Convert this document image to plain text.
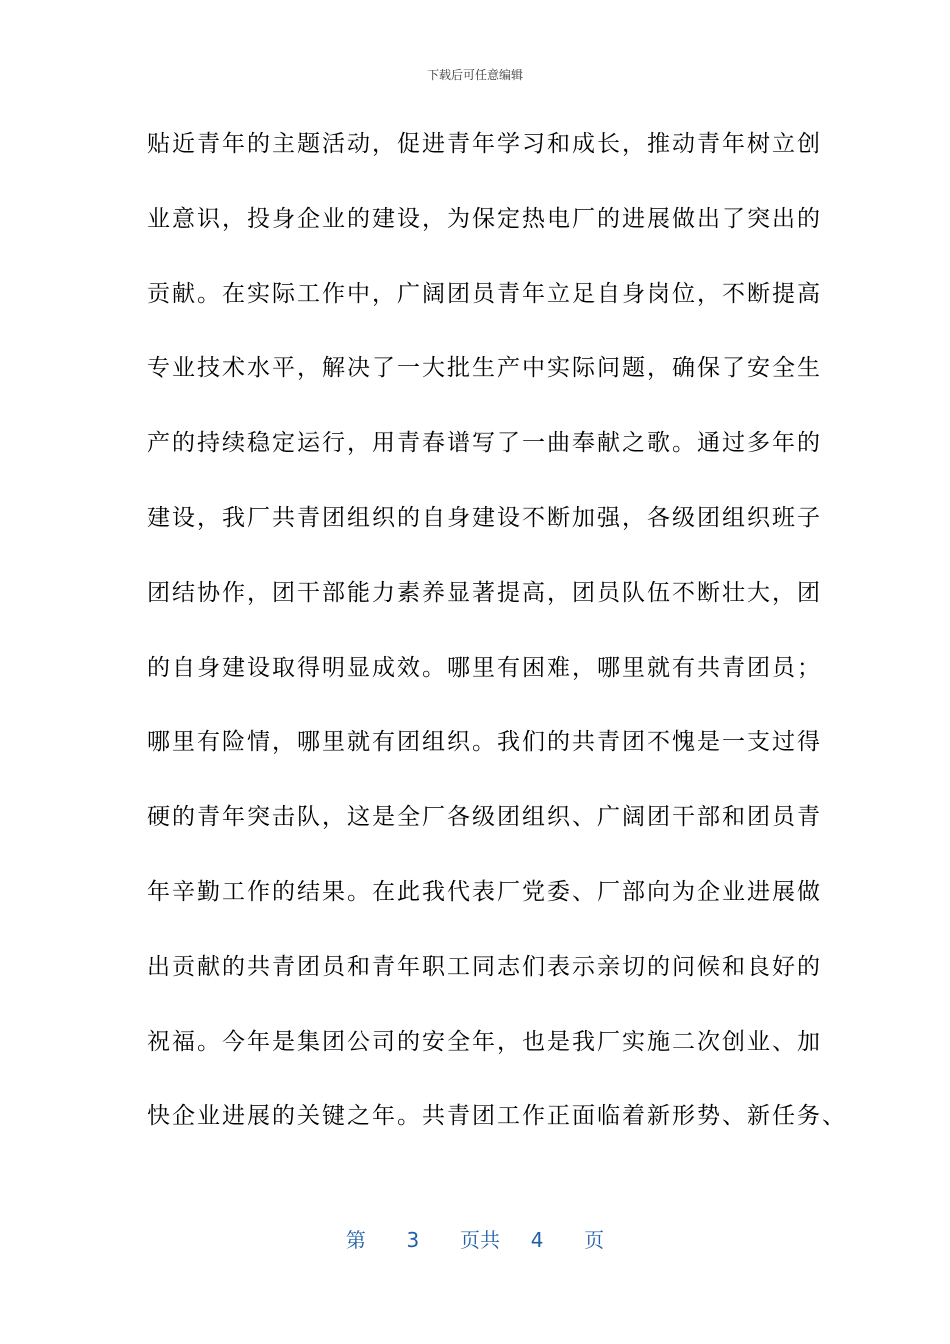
下载后可任意编辑
贴近青年的主题活动，促进青年学习和成长，推动青年树立创
业意识，投身企业的建设，为保定热电厂的进展做出了突出的
贡献。在实际工作中，广阔团员青年立足自身岗位，不断提高
专业技术水平，解决了一大批生产中实际问题，确保了安全生
产的持续稳定运行，用青春谱写了一曲奉献之歌。通过多年的
建设，我厂共青团组织的自身建设不断加强，各级团组织班子
团结协作，团干部能力素养显著提高，团员队伍不断壮大，团
的自身建设取得明显成效。哪里有困难，哪里就有共青团员；
哪里有险情，哪里就有团组织。我们的共青团不愧是一支过得
硬的青年突击队，这是全厂各级团组织、广阔团干部和团员青
年辛勤工作的结果。在此我代表厂党委、厂部向为企业进展做
出贡献的共青团员和青年职工同志们表示亲切的问候和良好的
祝福。今年是集团公司的安全年，也是我厂实施二次创业、加
快企业进展的关键之年。共青团工作正面临着新形势、新任务、
第 3 页共 4 页
